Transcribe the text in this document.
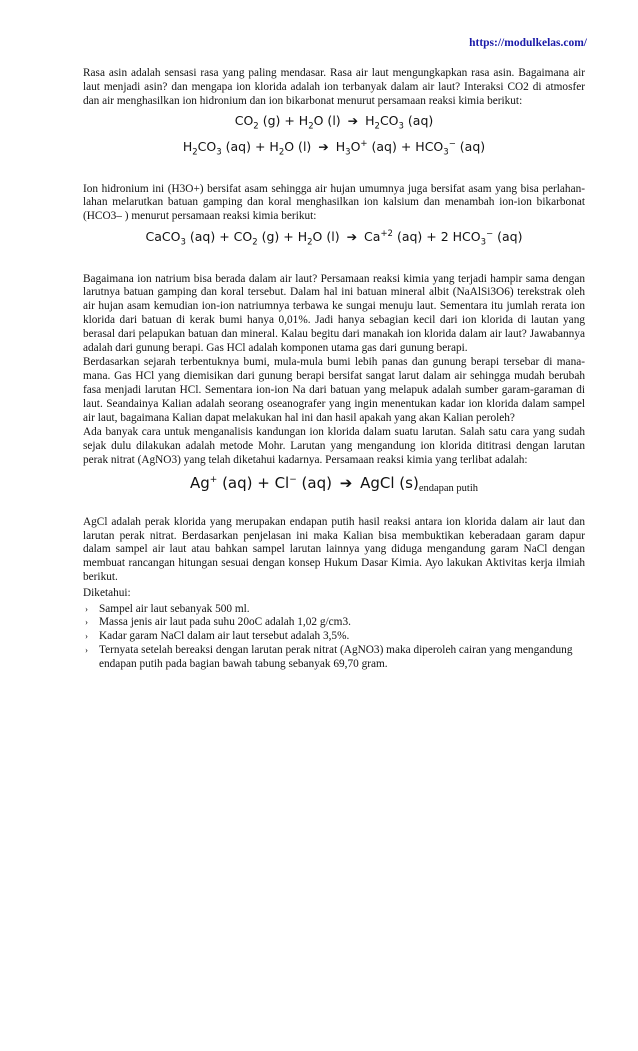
https://modulkelas.com/

Rasa asin adalah sensasi rasa yang paling mendasar. Rasa air laut mengungkapkan rasa asin. Bagaimana air laut menjadi asin? dan mengapa ion klorida adalah ion terbanyak dalam air laut? Interaksi CO2 di atmosfer dan air menghasilkan ion hidronium dan ion bikarbonat menurut persamaan reaksi kimia berikut:

$CO_2$ $(g) + H_2O$ (l) ➔ $H_2CO_3$ (aq)
$H_2CO_3$ $(aq) + H_2O$ (l) ➔ $H_3O^+$ $(aq) + HCO_3^-$ (aq)

Ion hidronium ini (H3O+) bersifat asam sehingga air hujan umumnya juga bersifat asam yang bisa perlahan-lahan melarutkan batuan gamping dan koral menghasilkan ion kalsium dan menambah ion-ion bikarbonat (HCO3– ) menurut persamaan reaksi kimia berikut:

CaCO$_3$ $(aq) + CO_2$ $(g) + H_2O$ (l) ➔ $Ca^{+2}$ (aq) + 2 $HCO_3^-$ (aq)

Bagaimana ion natrium bisa berada dalam air laut? Persamaan reaksi kimia yang terjadi hampir sama dengan larutnya batuan gamping dan koral tersebut. Dalam hal ini batuan mineral albit (NaAlSi3O6) terekstrak oleh air hujan asam kemudian ion-ion natriumnya terbawa ke sungai menuju laut. Sementara itu jumlah rerata ion klorida dari batuan di kerak bumi hanya 0,01%. Jadi hanya sebagian kecil dari ion klorida di lautan yang berasal dari pelapukan batuan dan mineral. Kalau begitu dari manakah ion klorida dalam air laut? Jawabannya adalah dari gunung berapi. Gas HCl adalah komponen utama gas dari gunung berapi.

Berdasarkan sejarah terbentuknya bumi, mula-mula bumi lebih panas dan gunung berapi tersebar di mana-mana. Gas HCl yang diemisikan dari gunung berapi bersifat sangat larut dalam air sehingga mudah berubah fasa menjadi larutan HCl. Sementara ion-ion Na dari batuan yang melapuk adalah sumber garam-garaman di laut. Seandainya Kalian adalah seorang oseanografer yang ingin menentukan kadar ion klorida dalam sampel air laut, bagaimana Kalian dapat melakukan hal ini dan hasil apakah yang akan Kalian peroleh?

Ada banyak cara untuk menganalisis kandungan ion klorida dalam suatu larutan. Salah satu cara yang sudah sejak dulu dilakukan adalah metode Mohr. Larutan yang mengandung ion klorida dititrasi dengan larutan perak nitrat (AgNO3) yang telah diketahui kadarnya. Persamaan reaksi kimia yang terlibat adalah:

Ag+ (aq) + Cl− (aq) ➔ AgCl $(s)_{endapan putih}$

AgCl adalah perak klorida yang merupakan endapan putih hasil reaksi antara ion klorida dalam air laut dan larutan perak nitrat. Berdasarkan penjelasan ini maka Kalian bisa membuktikan keberadaan garam dapur dalam sampel air laut atau bahkan sampel larutan lainnya yang diduga mengandung garam NaCl dengan membuat rancangan hitungan sesuai dengan konsep Hukum Dasar Kimia. Ayo lakukan Aktivitas kerja ilmiah berikut.

Diketahui:

› Sampel air laut sebanyak 500 ml.
› Massa jenis air laut pada suhu 20oC adalah 1,02 g/cm3.
› Kadar garam NaCl dalam air laut tersebut adalah 3,5%.
› Ternyata setelah bereaksi dengan larutan perak nitrat (AgNO3) maka diperoleh cairan yang mengandung endapan putih pada bagian bawah tabung sebanyak 69,70 gram.
